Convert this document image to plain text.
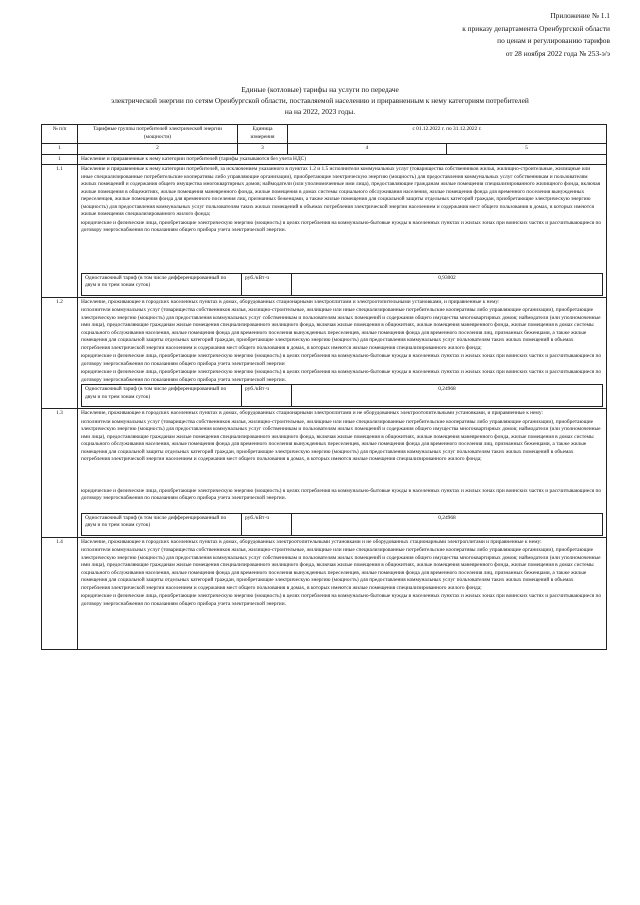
Приложение № 1.1
к приказу департамента Оренбургской области
по ценам и регулированию тарифов
от 28 ноября 2022 года № 253-э/э
Единые (котловые) тарифы на услуги по передаче
электрической энергии по сетям Оренбургской области, поставляемой населению и приравненным к нему категориям потребителей
на на 2022, 2023 годы.
№ п/п	Тарифные группы потребителей электрической энергии (мощности)	Единица измерения	с 01.12.2022 г. по 31.12.2022 г.
1	2	3	4	5
1	Население и приравненные к нему категории потребителей (тарифы указываются без учета НДС)
1.1	Население и приравненные к нему категории потребителей, за исключением указанного в пунктах 1.2 и 1.5 исполнители коммунальных услуг (товарищества собственников жилья, жилищно-строительные, жилищные или иные специализированные потребительские кооперативы либо управляющие организации), приобретающие электрическую энергию (мощность) для предоставления коммунальных услуг собственникам и пользователям жилых помещений и содержания общего имущества многоквартирных домов; наймодатели (или уполномоченные ими лица), предоставляющие гражданам жилые помещения специализированного жилищного фонда, включая жилые помещения в общежитиях, жилые помещения маневренного фонда, жилые помещения в домах системы социального обслуживания населения, жилые помещения фонда для временного поселения вынужденных переселенцев, жилые помещения фонда для временного поселения лиц, признанных беженцами, а также жилые помещения для социальной защиты отдельных категорий граждан, приобретающие электрическую энергию (мощность) для предоставления коммунальных услуг пользователям таких жилых помещений в объемах потребления электрической энергии населением и содержания мест общего пользования в домах, в которых имеются жилые помещения специализированного жилого фонда;

юридические и физические лица, приобретающие электрическую энергию (мощность) в целях потребления на коммунально-бытовые нужды в населенных пунктах и жилых зонах при воинских частях и рассчитывающиеся по договору энергоснабжения по показаниям общего прибора учета электрической энергии.

Одноставочный тариф (в том числе дифференцированный по двум и по трем зонам суток)	руб./кВт·ч	0,93002

1.2	Население, проживающее в городских населенных пунктах в домах, оборудованных стационарными электроплитами и электроотопительными установками, и приравненные к нему:

исполнители коммунальных услуг (товарищества собственников жилья, жилищно-строительные, жилищные или иные специализированные потребительские кооперативы либо управляющие организации), приобретающие электрическую энергию (мощность) для предоставления коммунальных услуг собственникам и пользователям жилых помещений и содержания общего имущества многоквартирных домов; наймодатели (или уполномоченные ими лица), предоставляющие гражданам жилые помещения специализированного жилищного фонда, включая жилые помещения в общежитиях, жилые помещения маневренного фонда, жилые помещения в домах системы социального обслуживания населения, жилые помещения фонда для временного поселения вынужденных переселенцев, жилые помещения фонда для временного поселения лиц, признанных беженцами, а также жилые помещения для социальной защиты отдельных категорий граждан, приобретающие электрическую энергию (мощность) для предоставления коммунальных услуг пользователям таких жилых помещений в объемах потребления электрической энергии населением и содержания мест общего пользования в домах, в которых имеются жилые помещения специализированного жилого фонда;

юридические и физические лица, приобретающие электрическую энергию (мощность) в целях потребления на коммунально-бытовые нужды в населенных пунктах и жилых зонах при воинских частях и рассчитывающиеся по договору энергоснабжения по показаниям общего прибора учета электрической энергии

юридические и физические лица, приобретающие электрическую энергию (мощность) в целях потребления на коммунально-бытовые нужды в населенных пунктах и жилых зонах при воинских частях и рассчитывающиеся по договору энергоснабжения по показаниям общего прибора учета электрической энергии.

Одноставочный тариф (в том числе дифференцированный по двум и по трем зонам суток)	руб./кВт·ч	0,24968

1.3	Население, проживающее в городских населенных пунктах в домах, оборудованных стационарными электроплитами и не оборудованных электроотопительными установками, и приравненные к нему:

исполнители коммунальных услуг (товарищества собственников жилья, жилищно-строительные, жилищные или иные специализированные потребительские кооперативы либо управляющие организации), приобретающие электрическую энергию (мощность) для предоставления коммунальных услуг собственникам и пользователям жилых помещений и содержания общего имущества многоквартирных домов; наймодатели (или уполномоченные ими лица), предоставляющие гражданам жилые помещения специализированного жилищного фонда, включая жилые помещения в общежитиях, жилые помещения маневренного фонда, жилые помещения в домах системы социального обслуживания населения, жилые помещения фонда для временного поселения вынужденных переселенцев, жилые помещения фонда для временного поселения лиц, признанных беженцами, а также жилые помещения для социальной защиты отдельных категорий граждан, приобретающие электрическую энергию (мощность) для предоставления коммунальных услуг пользователям таких жилых помещений в объемах потребления электрической энергии населением и содержания мест общего пользования в домах, в которых имеются жилые помещения специализированного жилого фонда;

юридические и физические лица, приобретающие электрическую энергию (мощность) в целях потребления на коммунально-бытовые нужды в населенных пунктах и жилых зонах при воинских частях и рассчитывающиеся по договору энергоснабжения по показаниям общего прибора учета электрической энергии.

Одноставочный тариф (в том числе дифференцированный по двум и по трем зонам суток)	руб./кВт·ч	0,24968

1.4	Население, проживающее в городских населенных пунктах в домах, оборудованных электроотопительными установками и не оборудованных стационарными электроплитами и приравненные к нему:

исполнители коммунальных услуг (товарищества собственников жилья, жилищно-строительные, жилищные или иные специализированные потребительские кооперативы либо управляющие организации), приобретающие электрическую энергию (мощность) для предоставления коммунальных услуг собственникам и пользователям жилых помещений и содержания общего имущества многоквартирных домов; наймодатели (или уполномоченные ими лица), предоставляющие гражданам жилые помещения специализированного жилищного фонда, включая жилые помещения в общежитиях, жилые помещения маневренного фонда, жилые помещения в домах системы социального обслуживания населения, жилые помещения фонда для временного поселения вынужденных переселенцев, жилые помещения фонда для временного поселения лиц, признанных беженцами, а также жилые помещения для социальной защиты отдельных категорий граждан, приобретающие электрическую энергию (мощность) для предоставления коммунальных услуг пользователям таких жилых помещений в объемах потребления электрической энергии населением и содержания мест общего пользования в домах, в которых имеются жилые помещения специализированного жилого фонда;

юридические и физические лица, приобретающие электрическую энергию (мощность) в целях потребления на коммунально-бытовые нужды в населенных пунктах и жилых зонах при воинских частях и рассчитывающиеся по договору энергоснабжения по показаниям общего прибора учета электрической энергии.
